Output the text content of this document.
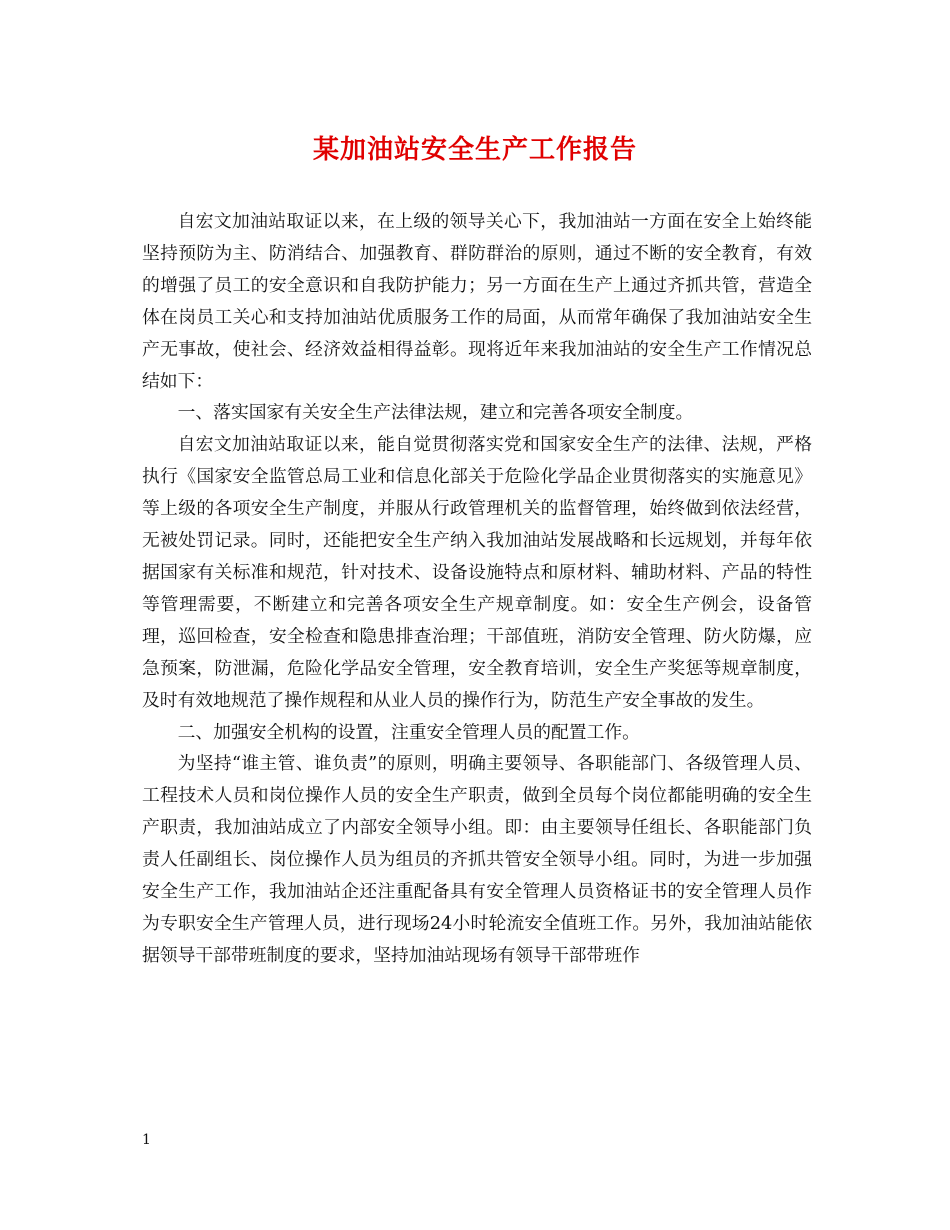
某加油站安全生产工作报告

自宏文加油站取证以来，在上级的领导关心下，我加油站一方面在安全上始终能坚持预防为主、防消结合、加强教育、群防群治的原则，通过不断的安全教育，有效的增强了员工的安全意识和自我防护能力；另一方面在生产上通过齐抓共管，营造全体在岗员工关心和支持加油站优质服务工作的局面，从而常年确保了我加油站安全生产无事故，使社会、经济效益相得益彰。现将近年来我加油站的安全生产工作情况总结如下：

一、落实国家有关安全生产法律法规，建立和完善各项安全制度。

自宏文加油站取证以来，能自觉贯彻落实党和国家安全生产的法律、法规，严格执行《国家安全监管总局工业和信息化部关于危险化学品企业贯彻落实的实施意见》等上级的各项安全生产制度，并服从行政管理机关的监督管理，始终做到依法经营，无被处罚记录。同时，还能把安全生产纳入我加油站发展战略和长远规划，并每年依据国家有关标准和规范，针对技术、设备设施特点和原材料、辅助材料、产品的特性等管理需要，不断建立和完善各项安全生产规章制度。如：安全生产例会，设备管理，巡回检查，安全检查和隐患排查治理；干部值班，消防安全管理、防火防爆，应急预案，防泄漏，危险化学品安全管理，安全教育培训，安全生产奖惩等规章制度，及时有效地规范了操作规程和从业人员的操作行为，防范生产安全事故的发生。

二、加强安全机构的设置，注重安全管理人员的配置工作。

为坚持“谁主管、谁负责”的原则，明确主要领导、各职能部门、各级管理人员、工程技术人员和岗位操作人员的安全生产职责，做到全员每个岗位都能明确的安全生产职责，我加油站成立了内部安全领导小组。即：由主要领导任组长、各职能部门负责人任副组长、岗位操作人员为组员的齐抓共管安全领导小组。同时，为进一步加强安全生产工作，我加油站企还注重配备具有安全管理人员资格证书的安全管理人员作为专职安全生产管理人员，进行现场24小时轮流安全值班工作。另外，我加油站能依据领导干部带班制度的要求，坚持加油站现场有领导干部带班作

1
